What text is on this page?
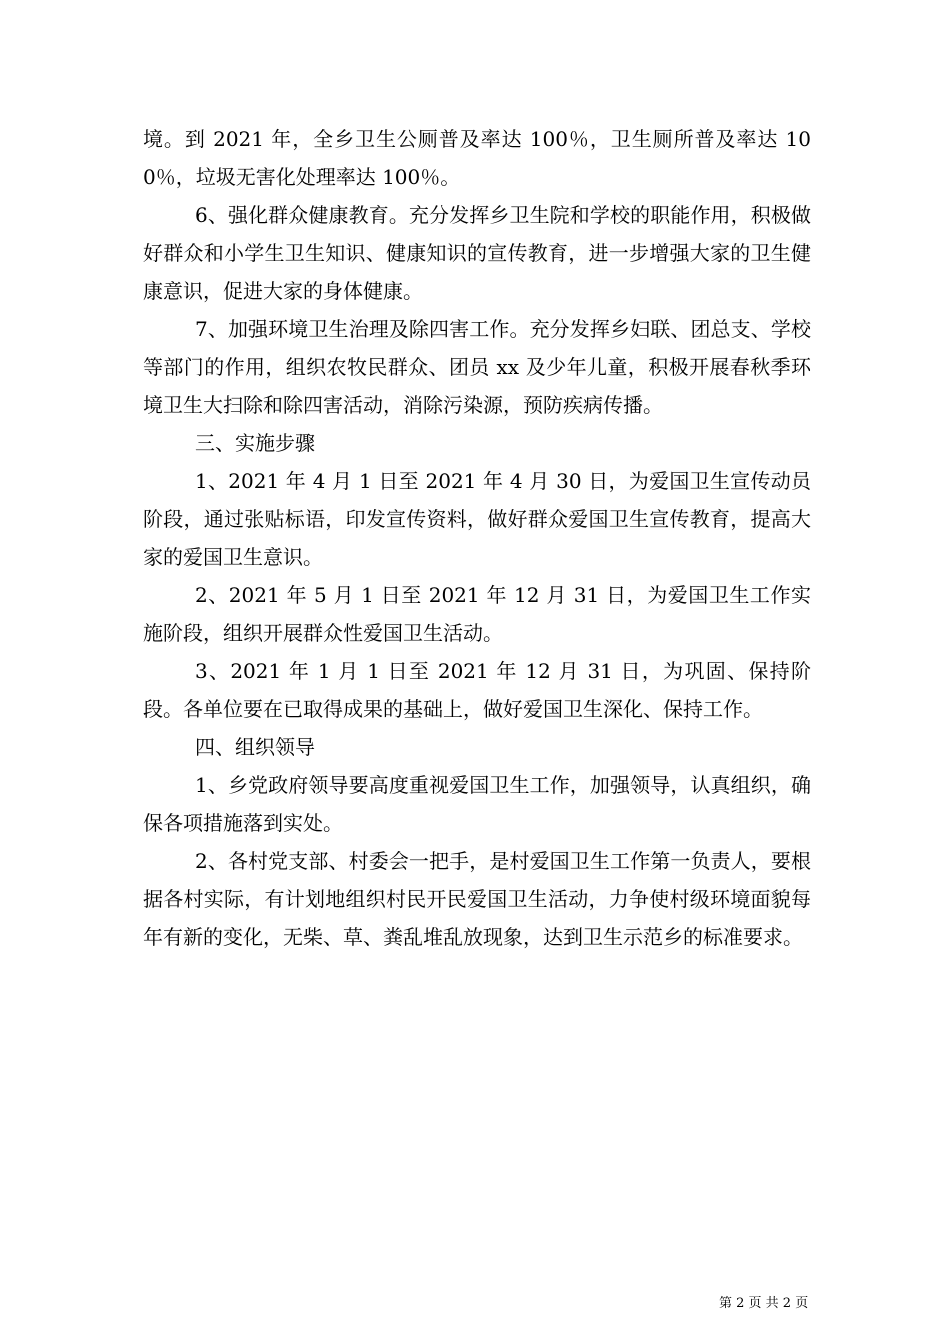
境。到 2021 年，全乡卫生公厕普及率达 100％，卫生厕所普及率达 100％，垃圾无害化处理率达 100％。

6、强化群众健康教育。充分发挥乡卫生院和学校的职能作用，积极做好群众和小学生卫生知识、健康知识的宣传教育，进一步增强大家的卫生健康意识，促进大家的身体健康。

7、加强环境卫生治理及除四害工作。充分发挥乡妇联、团总支、学校等部门的作用，组织农牧民群众、团员 xx 及少年儿童，积极开展春秋季环境卫生大扫除和除四害活动，消除污染源，预防疾病传播。

三、实施步骤

1、2021 年 4 月 1 日至 2021 年 4 月 30 日，为爱国卫生宣传动员阶段，通过张贴标语，印发宣传资料，做好群众爱国卫生宣传教育，提高大家的爱国卫生意识。

2、2021 年 5 月 1 日至 2021 年 12 月 31 日，为爱国卫生工作实施阶段，组织开展群众性爱国卫生活动。

3、2021 年 1 月 1 日至 2021 年 12 月 31 日，为巩固、保持阶段。各单位要在已取得成果的基础上，做好爱国卫生深化、保持工作。

四、组织领导

1、乡党政府领导要高度重视爱国卫生工作，加强领导，认真组织，确保各项措施落到实处。

2、各村党支部、村委会一把手，是村爱国卫生工作第一负责人，要根据各村实际，有计划地组织村民开民爱国卫生活动，力争使村级环境面貌每年有新的变化，无柴、草、粪乱堆乱放现象，达到卫生示范乡的标准要求。

第 2 页 共 2 页
